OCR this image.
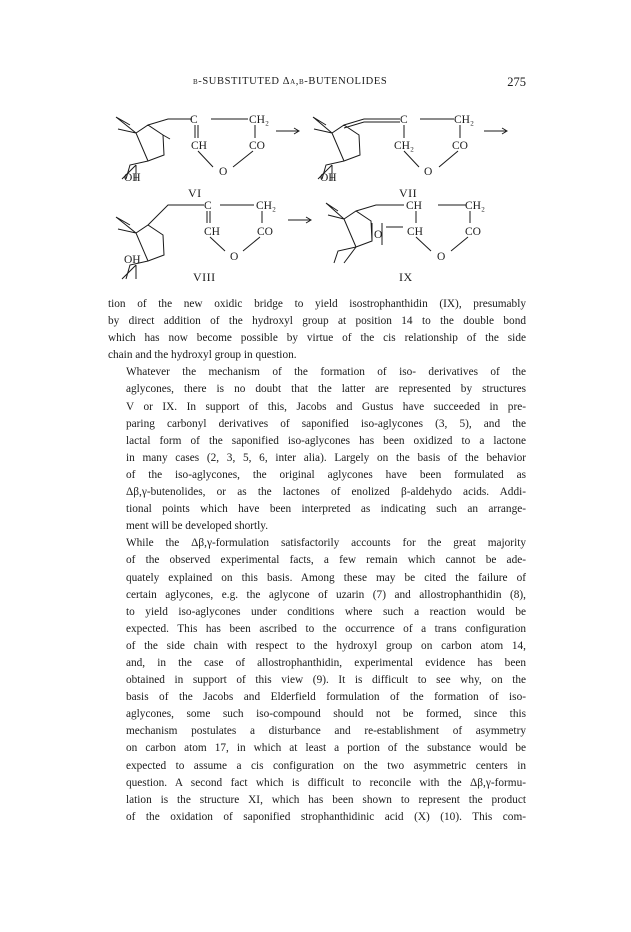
β-SUBSTITUTED Δα,β-BUTENOLIDES	275
C	CH₂
CH	CO
O
OH
C	CH₂
CH₂	CO
O
OH
C	CH₂
CH	CO
O
OH
CH	CH₂
CH	CO
O
O
VI	VII
VIII	IX

tion of the new oxidic bridge to yield isostrophanthidin (IX), presumably
by direct addition of the hydroxyl group at position 14 to the double bond
which has now become possible by virtue of the cis relationship of the side
chain and the hydroxyl group in question.

Whatever the mechanism of the formation of iso- derivatives of the
aglycones, there is no doubt that the latter are represented by structures
V or IX. In support of this, Jacobs and Gustus have succeeded in pre-
paring carbonyl derivatives of saponified iso-aglycones (3, 5), and the
lactal form of the saponified iso-aglycones has been oxidized to a lactone
in many cases (2, 3, 5, 6, inter alia). Largely on the basis of the behavior
of the iso-aglycones, the original aglycones have been formulated as
Δβ,γ-butenolides, or as the lactones of enolized β-aldehydo acids. Addi-
tional points which have been interpreted as indicating such an arrange-
ment will be developed shortly.

While the Δβ,γ-formulation satisfactorily accounts for the great majority
of the observed experimental facts, a few remain which cannot be ade-
quately explained on this basis. Among these may be cited the failure of
certain aglycones, e.g. the aglycone of uzarin (7) and allostrophanthidin (8),
to yield iso-aglycones under conditions where such a reaction would be
expected. This has been ascribed to the occurrence of a trans configuration
of the side chain with respect to the hydroxyl group on carbon atom 14,
and, in the case of allostrophanthidin, experimental evidence has been
obtained in support of this view (9). It is difficult to see why, on the
basis of the Jacobs and Elderfield formulation of the formation of iso-
aglycones, some such iso-compound should not be formed, since this
mechanism postulates a disturbance and re-establishment of asymmetry
on carbon atom 17, in which at least a portion of the substance would be
expected to assume a cis configuration on the two asymmetric centers in
question. A second fact which is difficult to reconcile with the Δβ,γ-formu-
lation is the structure XI, which has been shown to represent the product
of the oxidation of saponified strophanthidinic acid (X) (10). This com-
